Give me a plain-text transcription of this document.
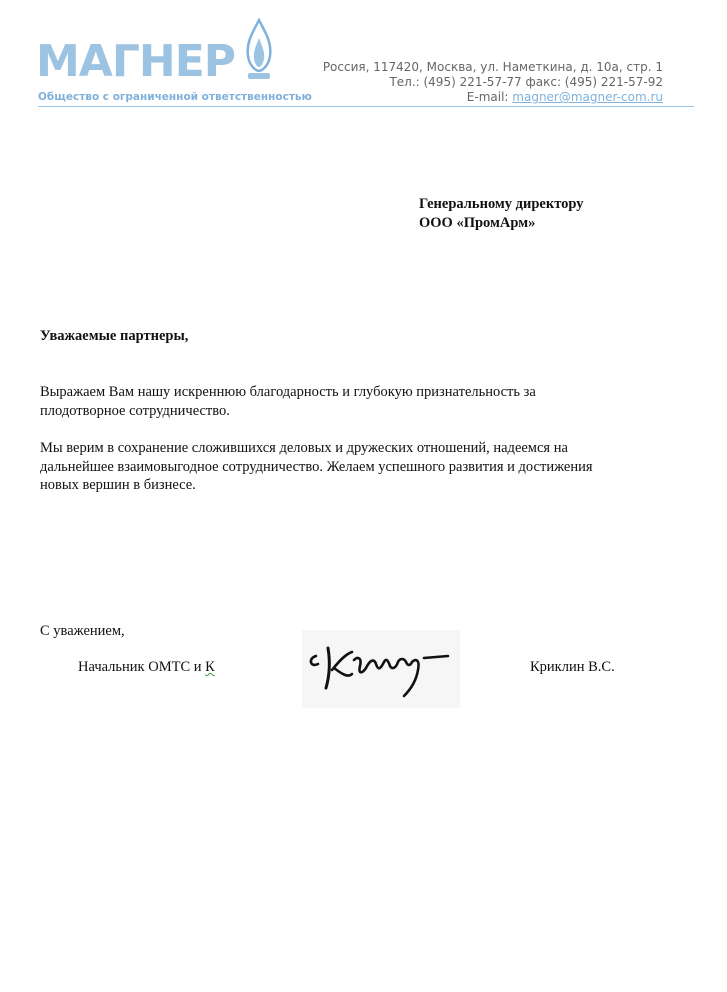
МАГНЕР
Общество с ограниченной ответственностью
Россия, 117420, Москва, ул. Наметкина, д. 10а, стр. 1
Тел.: (495) 221-57-77 факс: (495) 221-57-92
E-mail: magner@magner-com.ru
Генеральному директору
ООО «ПромАрм»
Уважаемые партнеры,
Выражаем Вам нашу искреннюю благодарность и глубокую признательность за
плодотворное сотрудничество.
Мы верим в сохранение сложившихся деловых и дружеских отношений, надеемся на
дальнейшее взаимовыгодное сотрудничество. Желаем успешного развития и достижения
новых вершин в бизнесе.
С уважением,
Начальник ОМТС и К	Криклин В.С.
